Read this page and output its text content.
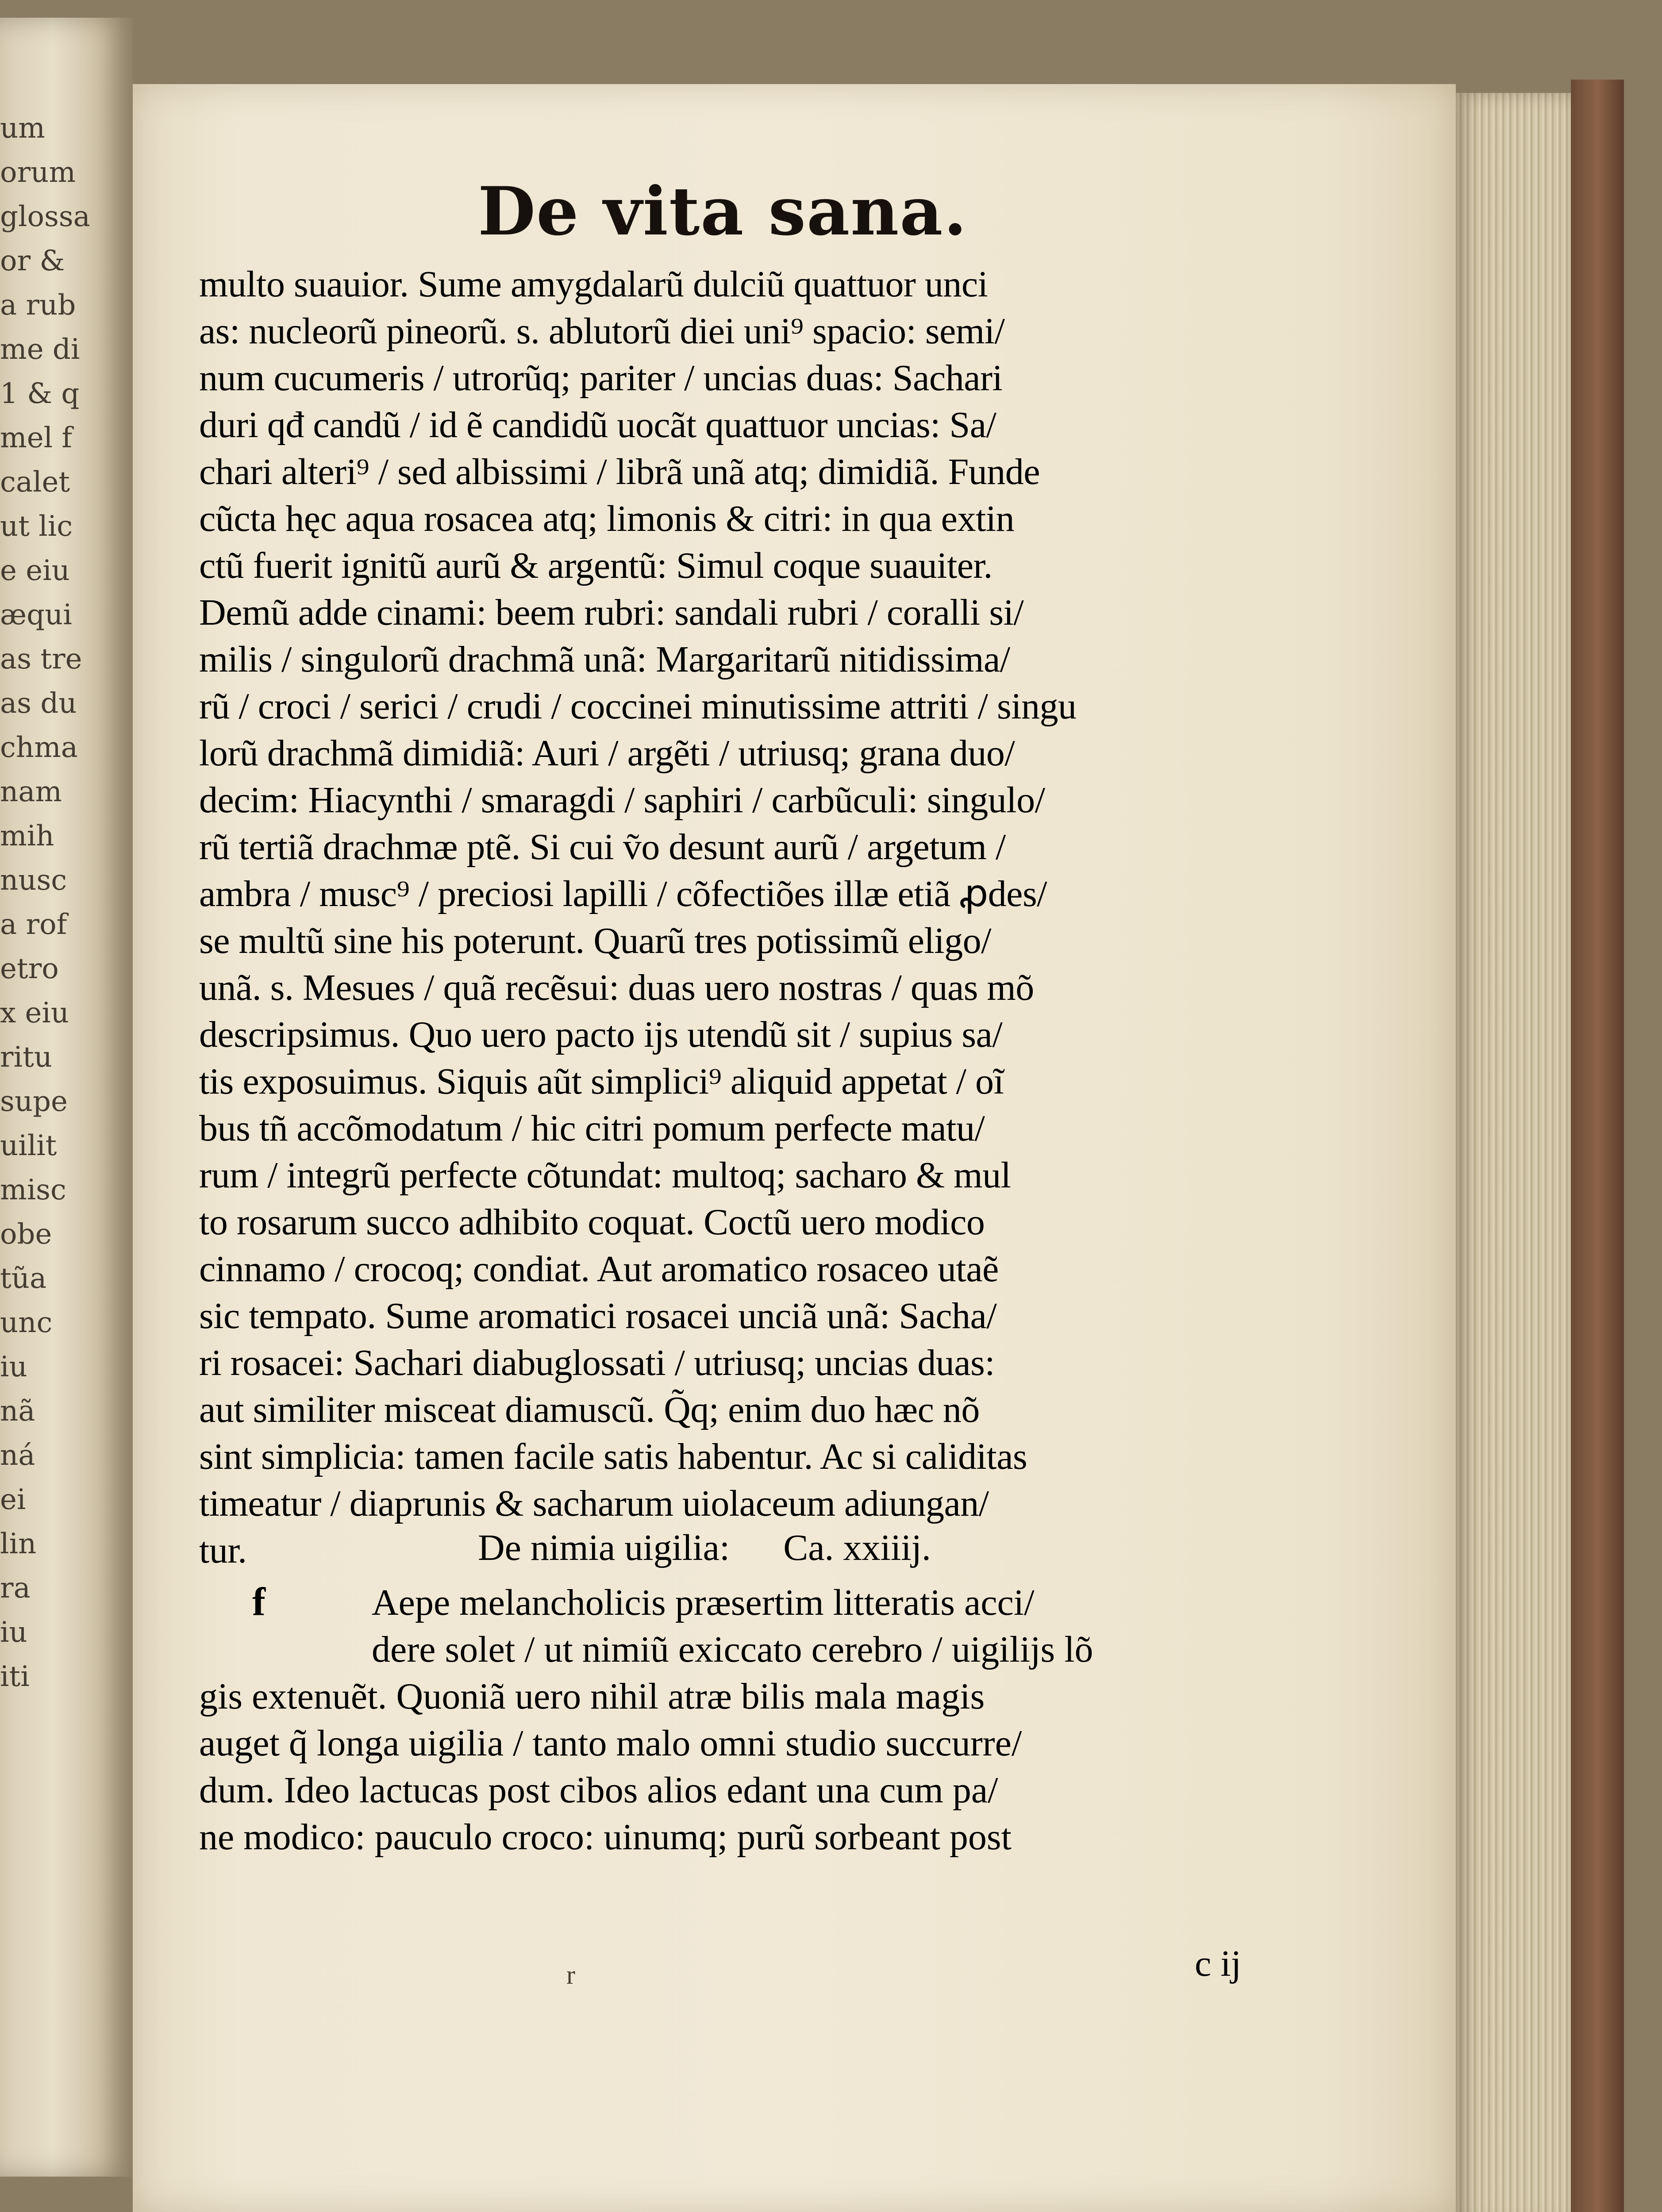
um
orum
glossa
or &
a rub
me di
1 & q
mel f
calet
ut lic
e eiu
æqui
as tre
as du
chma
nam
mih
nusc
a rof
etro
x eiu
ritu
supe
uilit
misc
obe
tũa
unc
iu
nã
ná
ei
lin
ra
iu
iti
De vita sana.
multo suauior. Sume amygdalarũ dulciũ quattuor unci
as: nucleorũ pineorũ. s. ablutorũ diei uni⁹ spacio: semi/
num cucumeris / utrorũq; pariter / uncias duas: Sachari
duri qđ candũ / id ẽ candidũ uocãt quattuor uncias: Sa/
chari alteri⁹ / sed albissimi / librã unã atq; dimidiã. Funde
cũcta hęc aqua rosacea atq; limonis & citri: in qua extin
ctũ fuerit ignitũ aurũ & argentũ: Simul coque suauiter.
Demũ adde cinami: beem rubri: sandali rubri / coralli si/
milis / singulorũ drachmã unã: Margaritarũ nitidissima/
rũ / croci / serici / crudi / coccinei minutissime attriti / singu
lorũ drachmã dimidiã: Auri / argẽti / utriusq; grana duo/
decim: Hiacynthi / smaragdi / saphiri / carbũculi: singulo/
rũ tertiã drachmæ ptẽ. Si cui ṽo desunt aurũ / argetum /
ambra / musc⁹ / preciosi lapilli / cõfectiões illæ etiã ꝓdes/
se multũ sine his poterunt. Quarũ tres potissimũ eligo/
unã. s. Mesues / quã recẽsui: duas uero nostras / quas mõ
descripsimus. Quo uero pacto ijs utendũ sit / supius sa/
tis exposuimus. Siquis aũt simplici⁹ aliquid appetat / oĩ
bus tñ accõmodatum / hic citri pomum perfecte matu/
rum / integrũ perfecte cõtundat: multoq; sacharo & mul
to rosarum succo adhibito coquat. Coctũ uero modico
cinnamo / crocoq; condiat. Aut aromatico rosaceo utaẽ
sic tempato. Sume aromatici rosacei unciã unã: Sacha/
ri rosacei: Sachari diabuglossati / utriusq; uncias duas:
aut similiter misceat diamuscũ. Q̃q; enim duo hæc nõ
sint simplicia: tamen facile satis habentur. Ac si caliditas
timeatur / diaprunis & sacharum uiolaceum adiungan/
tur.	De nimia uigilia: Ca. xxiiij.
f	Aepe melancholicis præsertim litteratis acci/
dere solet / ut nimiũ exiccato cerebro / uigilijs lõ
gis extenuẽt. Quoniã uero nihil atræ bilis mala magis
auget q̃ longa uigilia / tanto malo omni studio succurre/
dum. Ideo lactucas post cibos alios edant una cum pa/
ne modico: pauculo croco: uinumq; purũ sorbeant post
r	c ij
